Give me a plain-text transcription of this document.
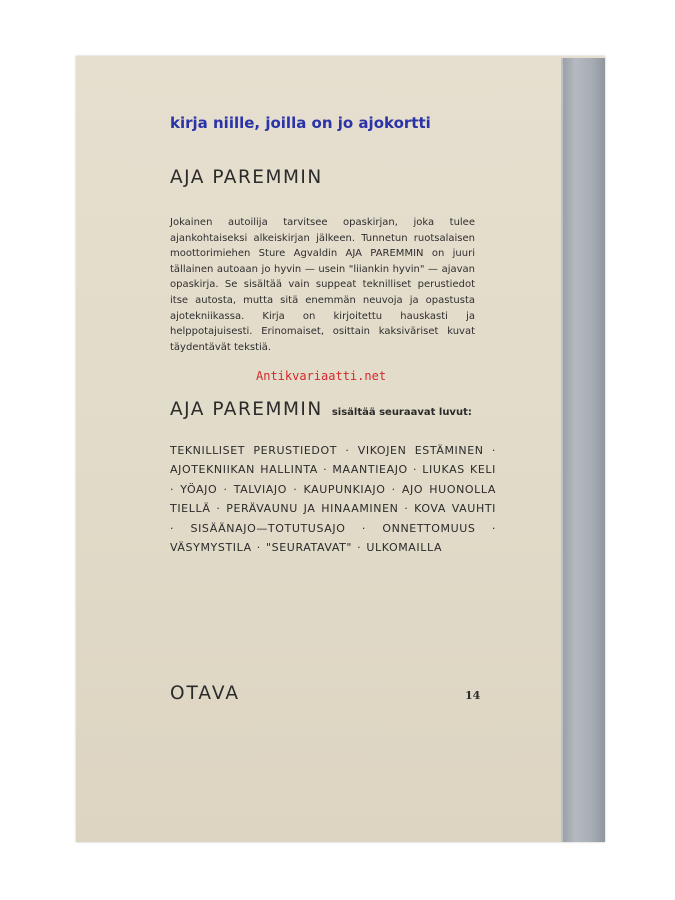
kirja niille, joilla on jo ajokortti
AJA PAREMMIN
Jokainen autoilija tarvitsee opaskirjan, joka tulee ajankohtaiseksi alkeiskirjan jälkeen. Tunnetun ruotsalaisen moottorimiehen Sture Agvaldin AJA PAREMMIN on juuri tällainen autoaan jo hyvin — usein "liiankin hyvin" — ajavan opaskirja. Se sisältää vain suppeat teknilliset perustiedot itse autosta, mutta sitä enemmän neuvoja ja opastusta ajotekniikassa. Kirja on kirjoitettu hauskasti ja helppotajuisesti. Erinomaiset, osittain kaksiväriset kuvat täydentävät tekstiä.
Antikvariaatti.net
AJA PAREMMIN sisältää seuraavat luvut:
TEKNILLISET PERUSTIEDOT · VIKOJEN ESTÄMINEN · AJOTEKNIIKAN HALLINTA · MAANTIEAJO · LIUKAS KELI · YÖAJO · TALVIAJO · KAUPUNKIAJO · AJO HUONOLLA TIELLÄ · PERÄVAUNU JA HINAAMINEN · KOVA VAUHTI · SISÄÄNAJO—TOTUTUSAJO · ONNETTOMUUS · VÄSYMYSTILA · "SEURATAVAT" · ULKOMAILLA
OTAVA	14
